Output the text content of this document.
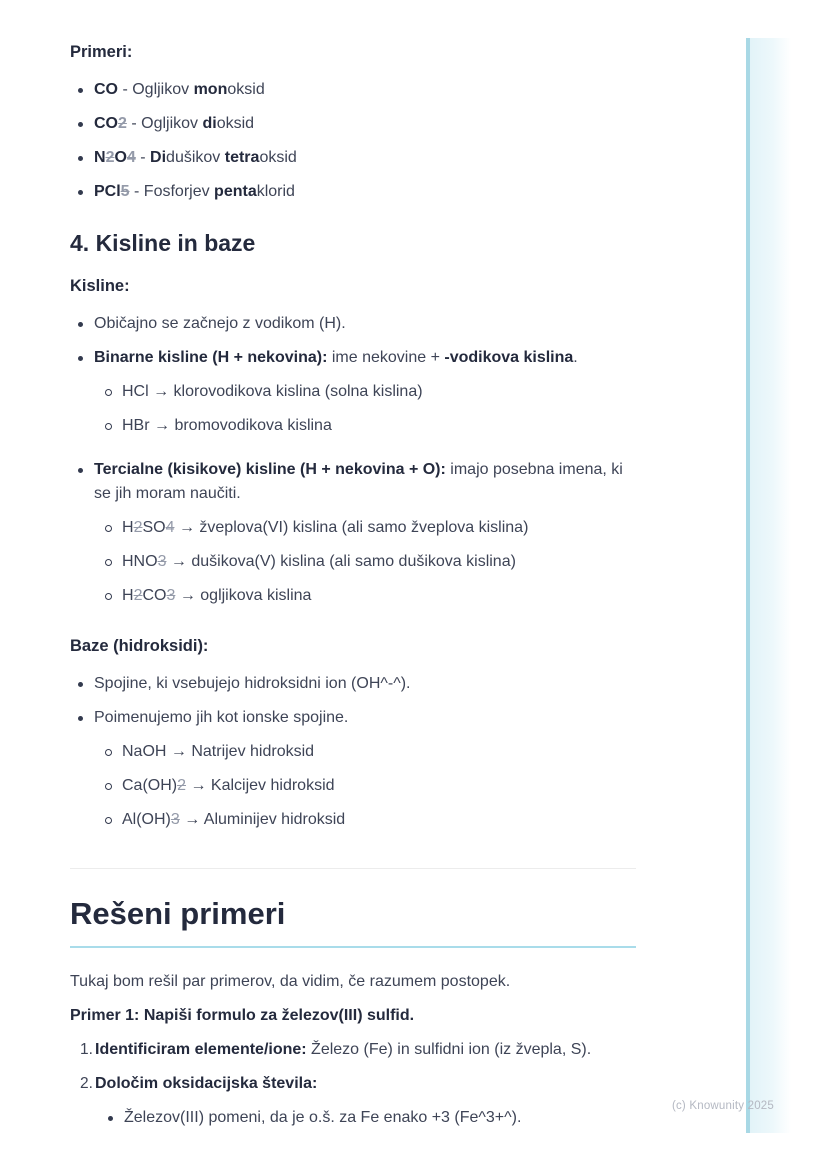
Primeri:
CO - Ogljikov monoksid
CO2 - Ogljikov dioksid
N2O4 - Didušikov tetraoksid
PCl5 - Fosforjev pentaklorid
4. Kisline in baze
Kisline:
Običajno se začnejo z vodikom (H).
Binarne kisline (H + nekovina): ime nekovine + -vodikova kislina.
HCl → klorovodikova kislina (solna kislina)
HBr → bromovodikova kislina
Tercialne (kisikove) kisline (H + nekovina + O): imajo posebna imena, ki se jih moram naučiti.
H2SO4 → žveplova(VI) kislina (ali samo žveplova kislina)
HNO3 → dušikova(V) kislina (ali samo dušikova kislina)
H2CO3 → ogljikova kislina
Baze (hidroksidi):
Spojine, ki vsebujejo hidroksidni ion (OH^-^).
Poimenujemo jih kot ionske spojine.
NaOH → Natrijev hidroksid
Ca(OH)2 → Kalcijev hidroksid
Al(OH)3 → Aluminijev hidroksid
Rešeni primeri
Tukaj bom rešil par primerov, da vidim, če razumem postopek.
Primer 1: Napiši formulo za železov(III) sulfid.
1. Identificiram elemente/ione: Železo (Fe) in sulfidni ion (iz žvepla, S).
2. Določim oksidacijska števila:
Železov(III) pomeni, da je o.š. za Fe enako +3 (Fe^3+^).
(c) Knowunity 2025
